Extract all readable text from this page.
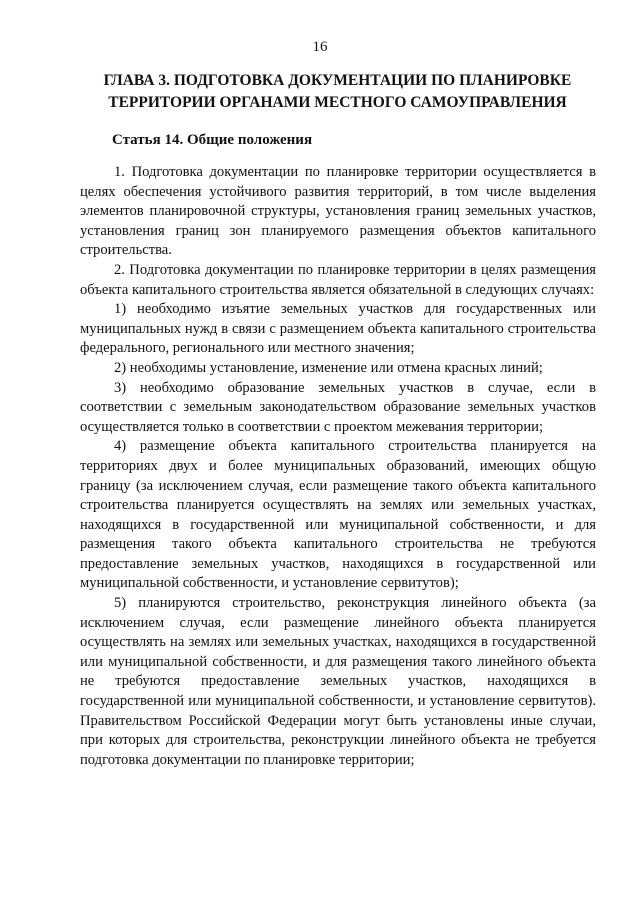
16
ГЛАВА 3. ПОДГОТОВКА ДОКУМЕНТАЦИИ ПО ПЛАНИРОВКЕ
ТЕРРИТОРИИ ОРГАНАМИ МЕСТНОГО САМОУПРАВЛЕНИЯ
Статья 14. Общие положения

1. Подготовка документации по планировке территории осуществляется в целях обеспечения устойчивого развития территорий, в том числе выделения элементов планировочной структуры, установления границ земельных участков, установления границ зон планируемого размещения объектов капитального строительства.

2. Подготовка документации по планировке территории в целях размещения объекта капитального строительства является обязательной в следующих случаях:

1) необходимо изъятие земельных участков для государственных или муниципальных нужд в связи с размещением объекта капитального строительства федерального, регионального или местного значения;

2) необходимы установление, изменение или отмена красных линий;

3) необходимо образование земельных участков в случае, если в соответствии с земельным законодательством образование земельных участков осуществляется только в соответствии с проектом межевания территории;

4) размещение объекта капитального строительства планируется на территориях двух и более муниципальных образований, имеющих общую границу (за исключением случая, если размещение такого объекта капитального строительства планируется осуществлять на землях или земельных участках, находящихся в государственной или муниципальной собственности, и для размещения такого объекта капитального строительства не требуются предоставление земельных участков, находящихся в государственной или муниципальной собственности, и установление сервитутов);

5) планируются строительство, реконструкция линейного объекта (за исключением случая, если размещение линейного объекта планируется осуществлять на землях или земельных участках, находящихся в государственной или муниципальной собственности, и для размещения такого линейного объекта не требуются предоставление земельных участков, находящихся в государственной или муниципальной собственности, и установление сервитутов). Правительством Российской Федерации могут быть установлены иные случаи, при которых для строительства, реконструкции линейного объекта не требуется подготовка документации по планировке территории;
